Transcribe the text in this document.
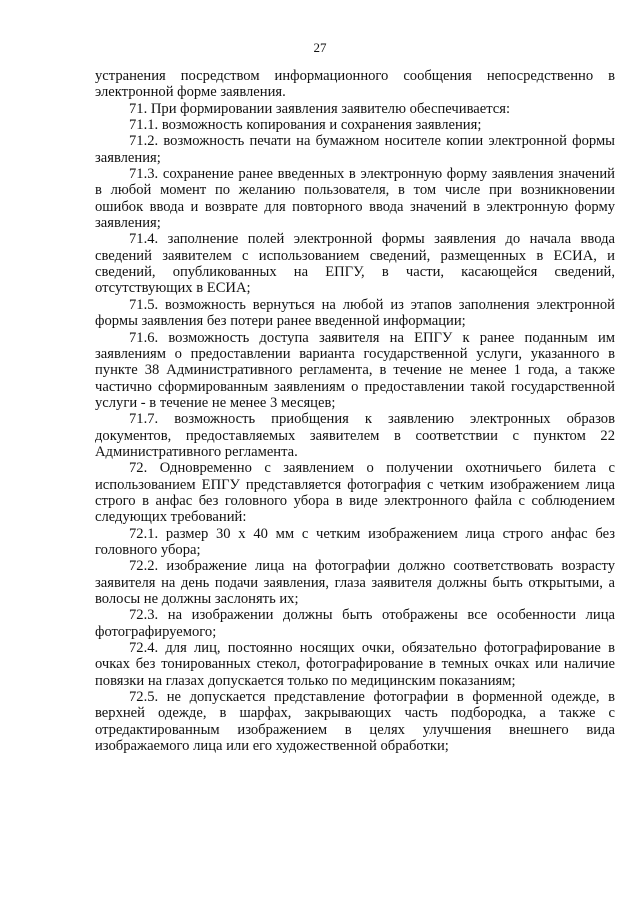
27

устранения посредством информационного сообщения непосредственно в электронной форме заявления.

71. При формировании заявления заявителю обеспечивается:

71.1. возможность копирования и сохранения заявления;

71.2. возможность печати на бумажном носителе копии электронной формы заявления;

71.3. сохранение ранее введенных в электронную форму заявления значений в любой момент по желанию пользователя, в том числе при возникновении ошибок ввода и возврате для повторного ввода значений в электронную форму заявления;

71.4. заполнение полей электронной формы заявления до начала ввода сведений заявителем с использованием сведений, размещенных в ЕСИА, и сведений, опубликованных на ЕПГУ, в части, касающейся сведений, отсутствующих в ЕСИА;

71.5. возможность вернуться на любой из этапов заполнения электронной формы заявления без потери ранее введенной информации;

71.6. возможность доступа заявителя на ЕПГУ к ранее поданным им заявлениям о предоставлении варианта государственной услуги, указанного в пункте 38 Административного регламента, в течение не менее 1 года, а также частично сформированным заявлениям о предоставлении такой государственной услуги - в течение не менее 3 месяцев;

71.7. возможность приобщения к заявлению электронных образов документов, предоставляемых заявителем в соответствии с пунктом 22 Административного регламента.

72. Одновременно с заявлением о получении охотничьего билета с использованием ЕПГУ представляется фотография с четким изображением лица строго в анфас без головного убора в виде электронного файла с соблюдением следующих требований:

72.1. размер 30 х 40 мм с четким изображением лица строго анфас без головного убора;

72.2. изображение лица на фотографии должно соответствовать возрасту заявителя на день подачи заявления, глаза заявителя должны быть открытыми, а волосы не должны заслонять их;

72.3. на изображении должны быть отображены все особенности лица фотографируемого;

72.4. для лиц, постоянно носящих очки, обязательно фотографирование в очках без тонированных стекол, фотографирование в темных очках или наличие повязки на глазах допускается только по медицинским показаниям;

72.5. не допускается представление фотографии в форменной одежде, в верхней одежде, в шарфах, закрывающих часть подбородка, а также с отредактированным изображением в целях улучшения внешнего вида изображаемого лица или его художественной обработки;
